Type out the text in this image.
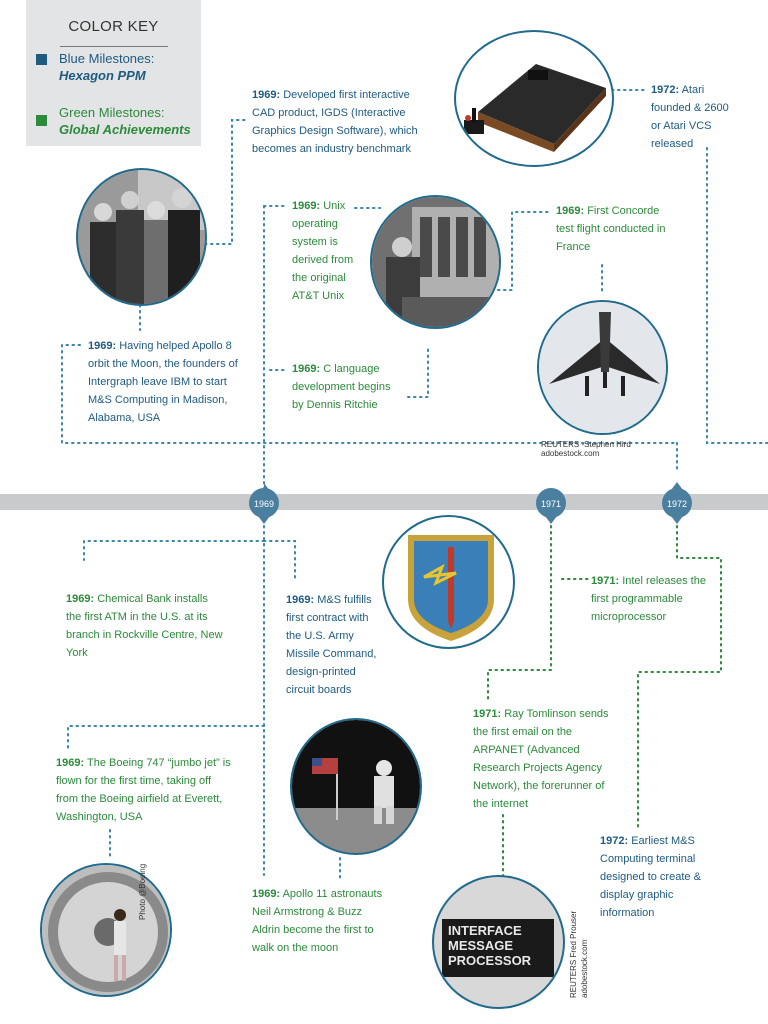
1969	1971	1972
COLOR KEY
Blue Milestones:
Hexagon PPM
Green Milestones:
Global Achievements
INTERFACE
MESSAGE
PROCESSOR
1969: Developed first interactive CAD product, IGDS (Interactive Graphics Design Software), which becomes an industry benchmark
1972: Atari founded & 2600 or Atari VCS released
1969: Unix operating system is derived from the original AT&T Unix
1969: First Concorde test flight conducted in France
1969: Having helped Apollo 8 orbit the Moon, the founders of Intergraph leave IBM to start M&S Computing in Madison, Alabama, USA
1969: C language development begins by Dennis Ritchie
REUTERS -Stephen Hird
adobestock.com
1969: Chemical Bank installs the first ATM in the U.S. at its branch in Rockville Centre, New York
1969: M&S fulfills first contract with the U.S. Army Missile Command, design-printed circuit boards
1971: Intel releases the first programmable microprocessor
1971: Ray Tomlinson sends the first email on the ARPANET (Advanced Research Projects Agency Network), the forerunner of the internet
1969: The Boeing 747 “jumbo jet” is flown for the first time, taking off from the Boeing airfield at Everett, Washington, USA
1969: Apollo 11 astronauts Neil Armstrong & Buzz Aldrin become the first to walk on the moon
1972: Earliest M&S Computing terminal designed to create & display graphic information
Photo @Boeing
REUTERS Fred Prouser adobestock.com
